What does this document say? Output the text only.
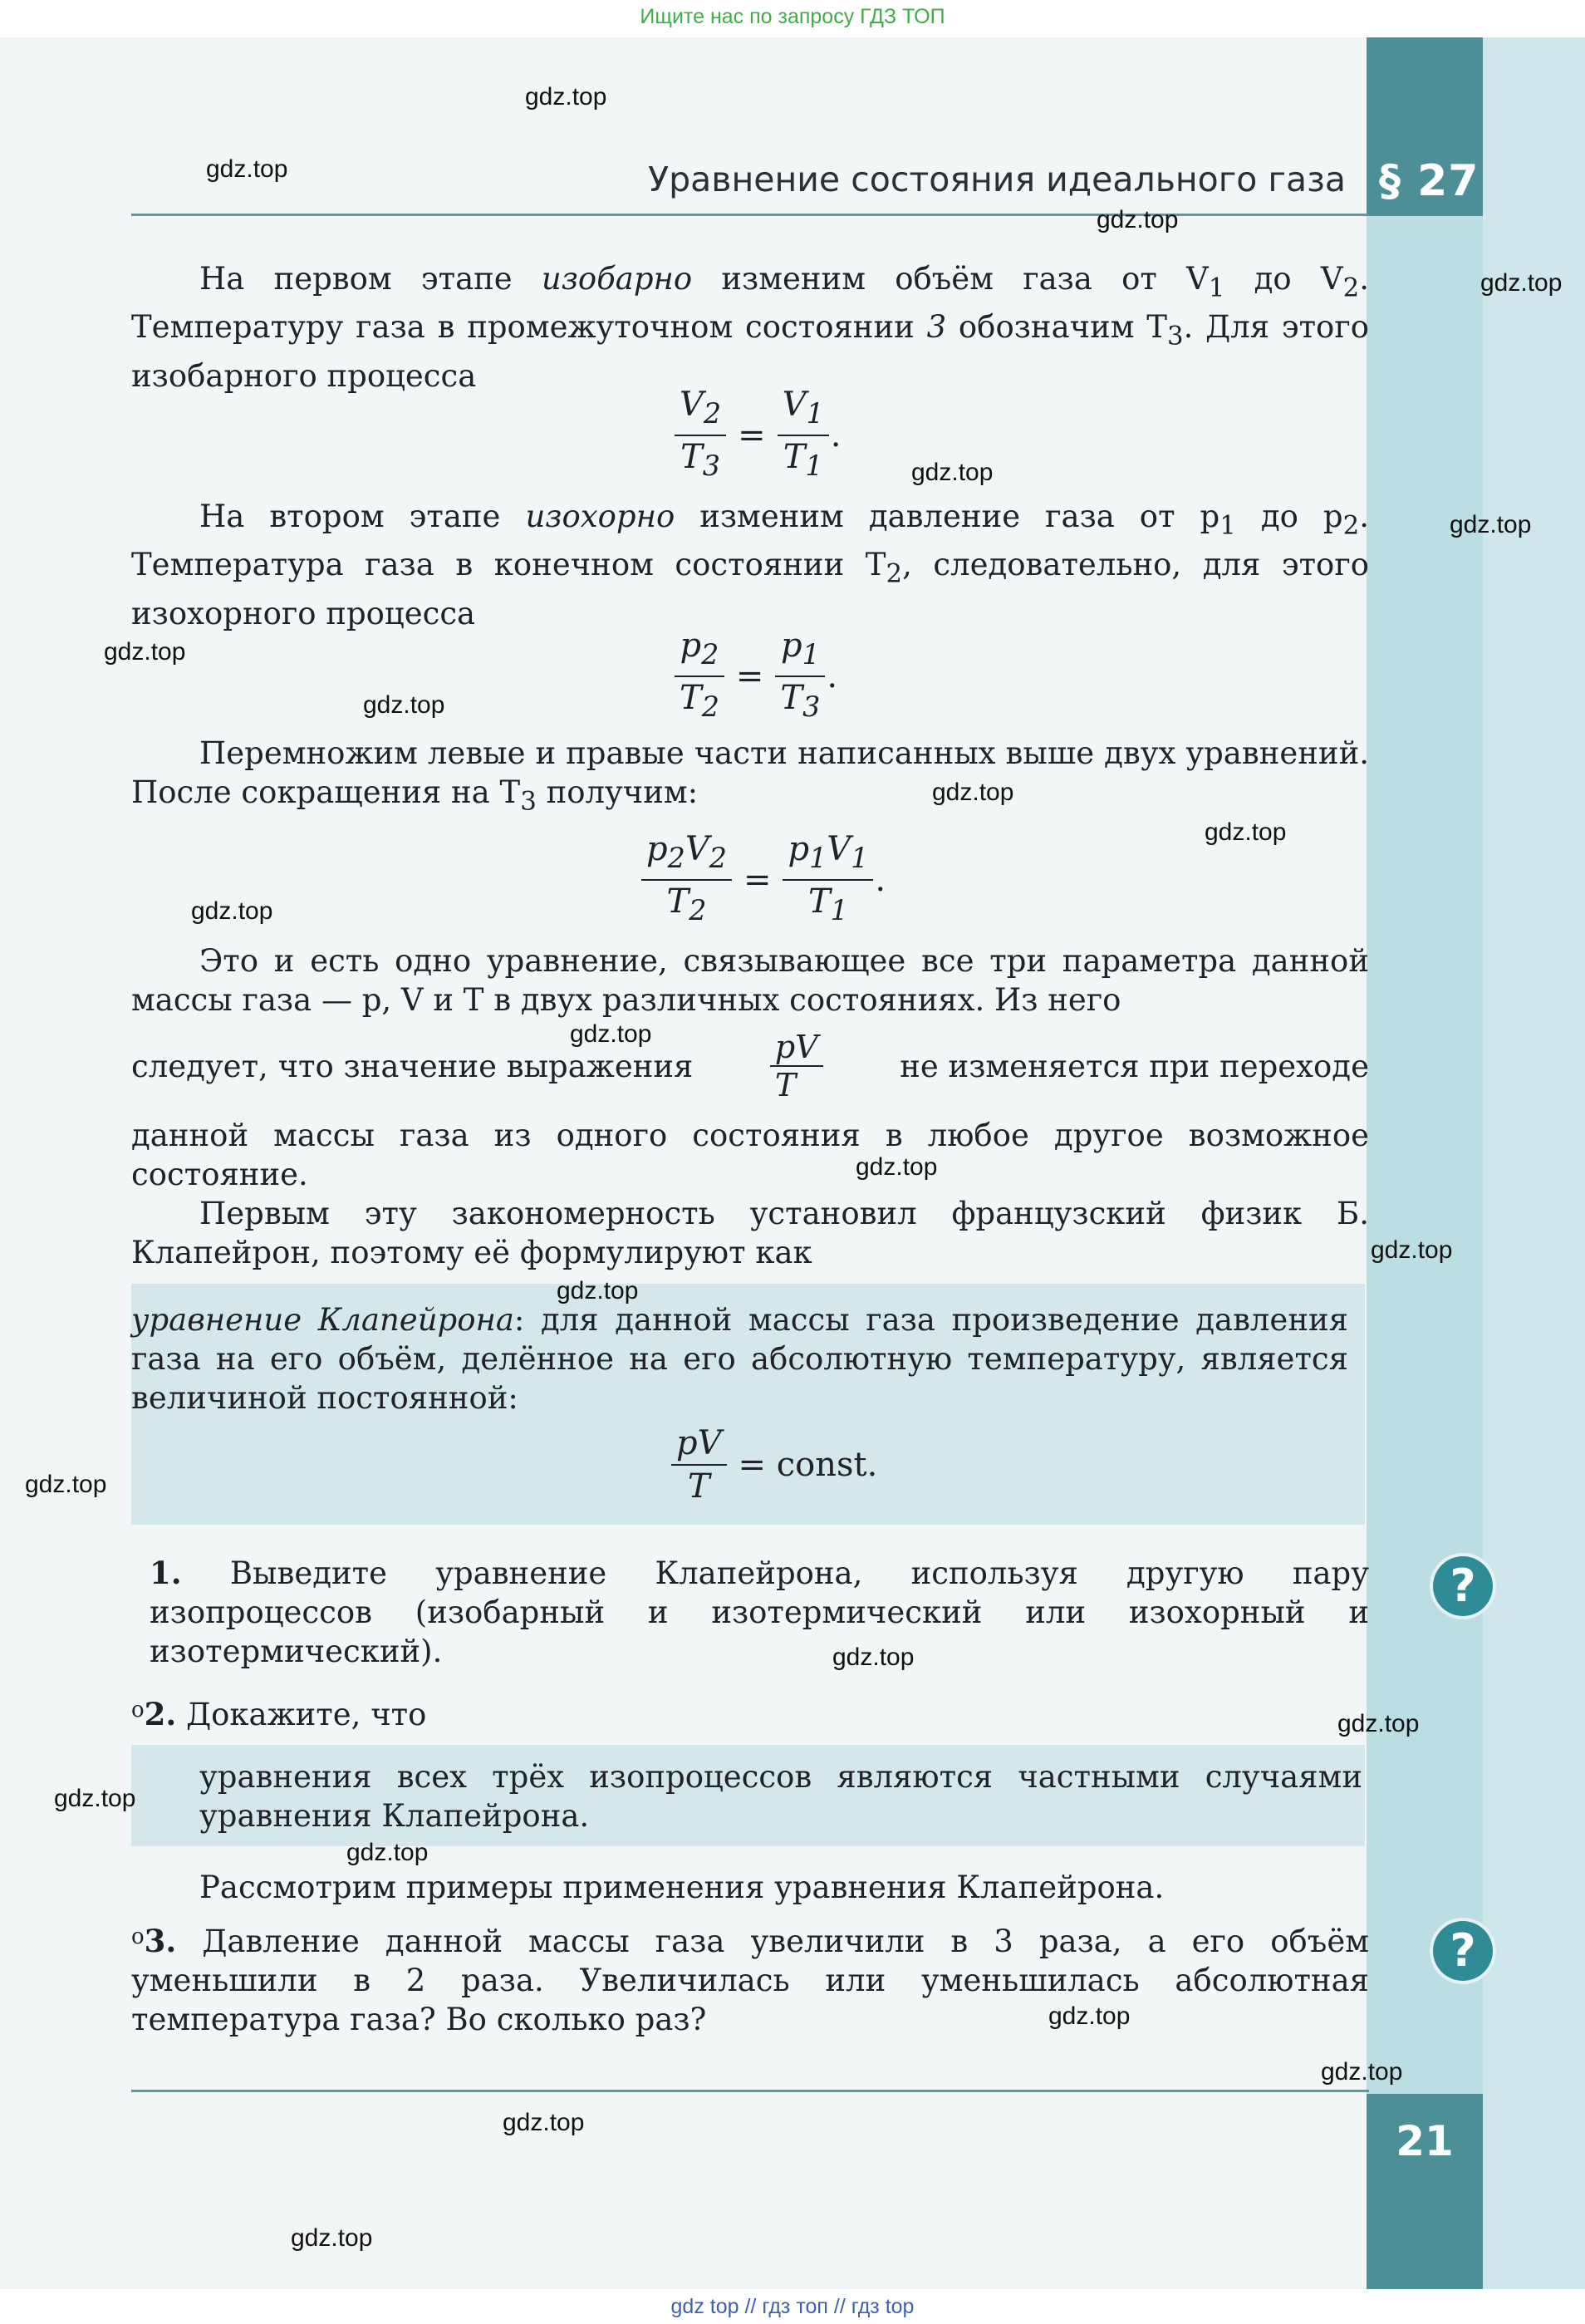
Ищите нас по запросу ГДЗ ТОП
§ 27
Уравнение состояния идеального газа

На первом этапе изобарно изменим объём газа от $V_1$ до $V_2$. Температуру газа в промежуточном состоянии 3 обозначим $T_3$. Для этого изобарного процесса

$\frac{V_2}{T_3} = \frac{V_1}{T_1}$ .

На втором этапе изохорно изменим давление газа от $p_1$ до $p_2$. Температура газа в конечном состоянии $T_2$, следовательно, для этого изохорного процесса

$\frac{p_2}{T_2} = \frac{p_1}{T_3}$ .

Перемножим левые и правые части написанных выше двух уравнений. После сокращения на $T_3$ получим:

$\frac{p_2V_2}{T_2} = \frac{p_1V_1}{T_1}$ .

Это и есть одно уравнение, связывающее все три параметра данной массы газа — p, V и T в двух различных состояниях. Из него

следует, что значение выражения $\frac{pV}{T}$	не изменяется при переходе

данной массы газа из одного состояния в любое другое возможное состояние.

Первым эту закономерность установил французский физик Б. Клапейрон, поэтому её формулируют как

уравнение Клапейрона: для данной массы газа произведение давления газа на его объём, делённое на его абсолютную температуру, является величиной постоянной:

$\frac{pV}{T}$ = const.

1. Выведите уравнение Клапейрона, используя другую пару изопроцессов (изобарный и изотермический или изохорный и изотермический).

?

$^о$2. Докажите, что

уравнения всех трёх изопроцессов являются частными случаями уравнения Клапейрона.

Рассмотрим примеры применения уравнения Клапейрона.

$^о$3. Давление данной массы газа увеличили в 3 раза, а его объём уменьшили в 2 раза. Увеличилась или уменьшилась абсолютная температура газа? Во сколько раз?

?
21
gdz.top
gdz.top
gdz.top
gdz.top
gdz.top
gdz.top
gdz.top
gdz.top
gdz.top
gdz.top
gdz.top
gdz.top
gdz.top
gdz.top
gdz.top
gdz.top
gdz.top
gdz.top
gdz.top
gdz.top
gdz.top
gdz.top
gdz.top
gdz.top
gdz top // гдз топ // гдз top
